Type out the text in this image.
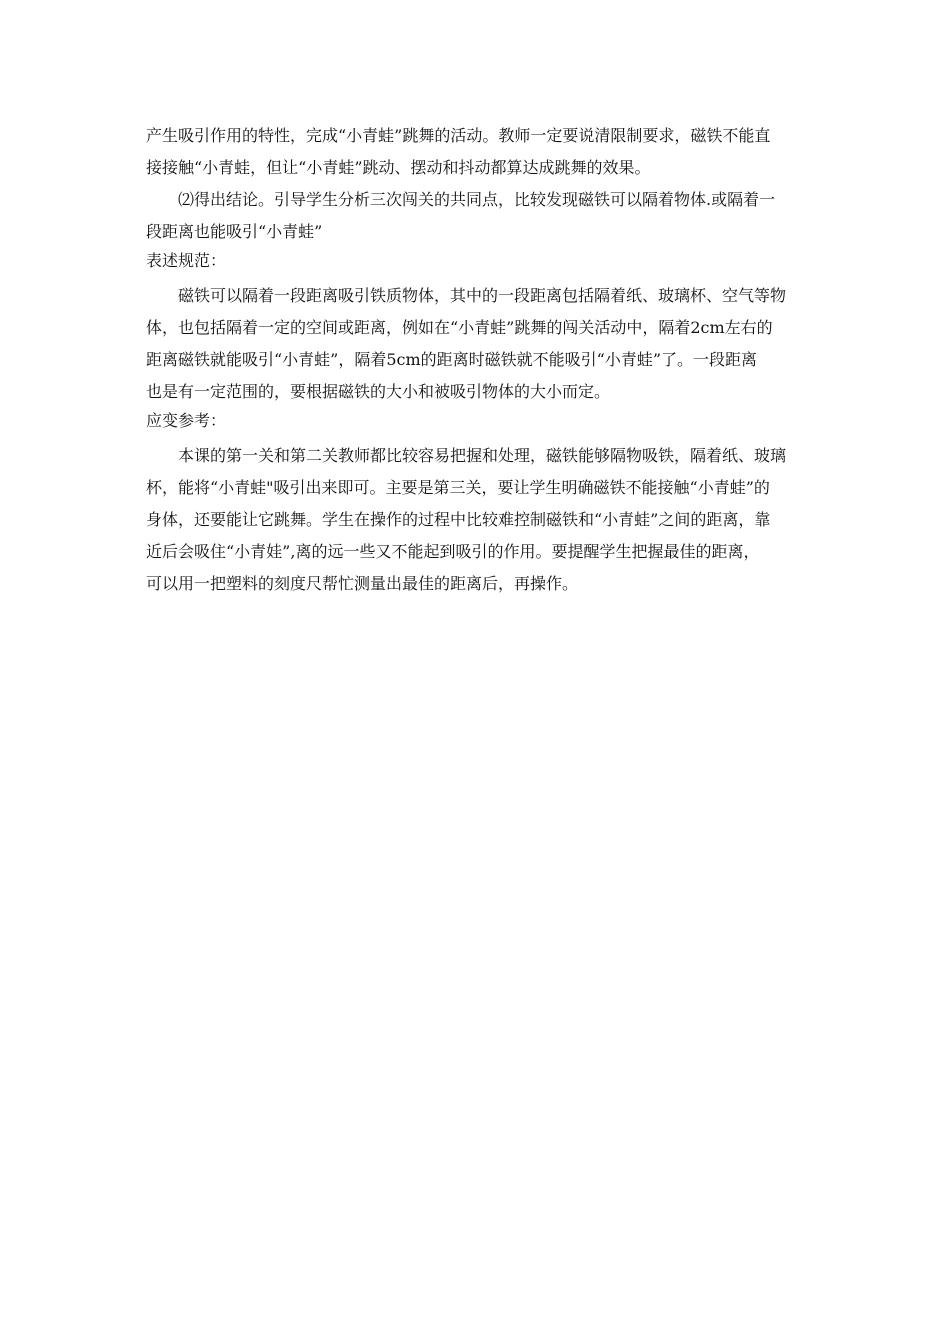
产生吸引作用的特性，完成“小青蛙”跳舞的活动。教师一定要说清限制要求，磁铁不能直
接接触“小青蛙，但让“小青蛙”跳动、摆动和抖动都算达成跳舞的效果。
⑵得出结论。引导学生分析三次闯关的共同点，比较发现磁铁可以隔着物体.或隔着一
段距离也能吸引“小青蛙”
表述规范：
磁铁可以隔着一段距离吸引铁质物体，其中的一段距离包括隔着纸、玻璃杯、空气等物
体，也包括隔着一定的空间或距离，例如在“小青蛙”跳舞的闯关活动中，隔着2cm左右的
距离磁铁就能吸引“小青蛙”，隔着5cm的距离时磁铁就不能吸引“小青蛙”了。一段距离
也是有一定范围的，要根据磁铁的大小和被吸引物体的大小而定。
应变参考：
本课的第一关和第二关教师都比较容易把握和处理，磁铁能够隔物吸铁，隔着纸、玻璃
杯，能将“小青蛙"吸引出来即可。主要是第三关，要让学生明确磁铁不能接触“小青蛙”的
身体，还要能让它跳舞。学生在操作的过程中比较难控制磁铁和“小青蛙”之间的距离，靠
近后会吸住“小青娃”,离的远一些又不能起到吸引的作用。要提醒学生把握最佳的距离，
可以用一把塑料的刻度尺帮忙测量出最佳的距离后，再操作。
